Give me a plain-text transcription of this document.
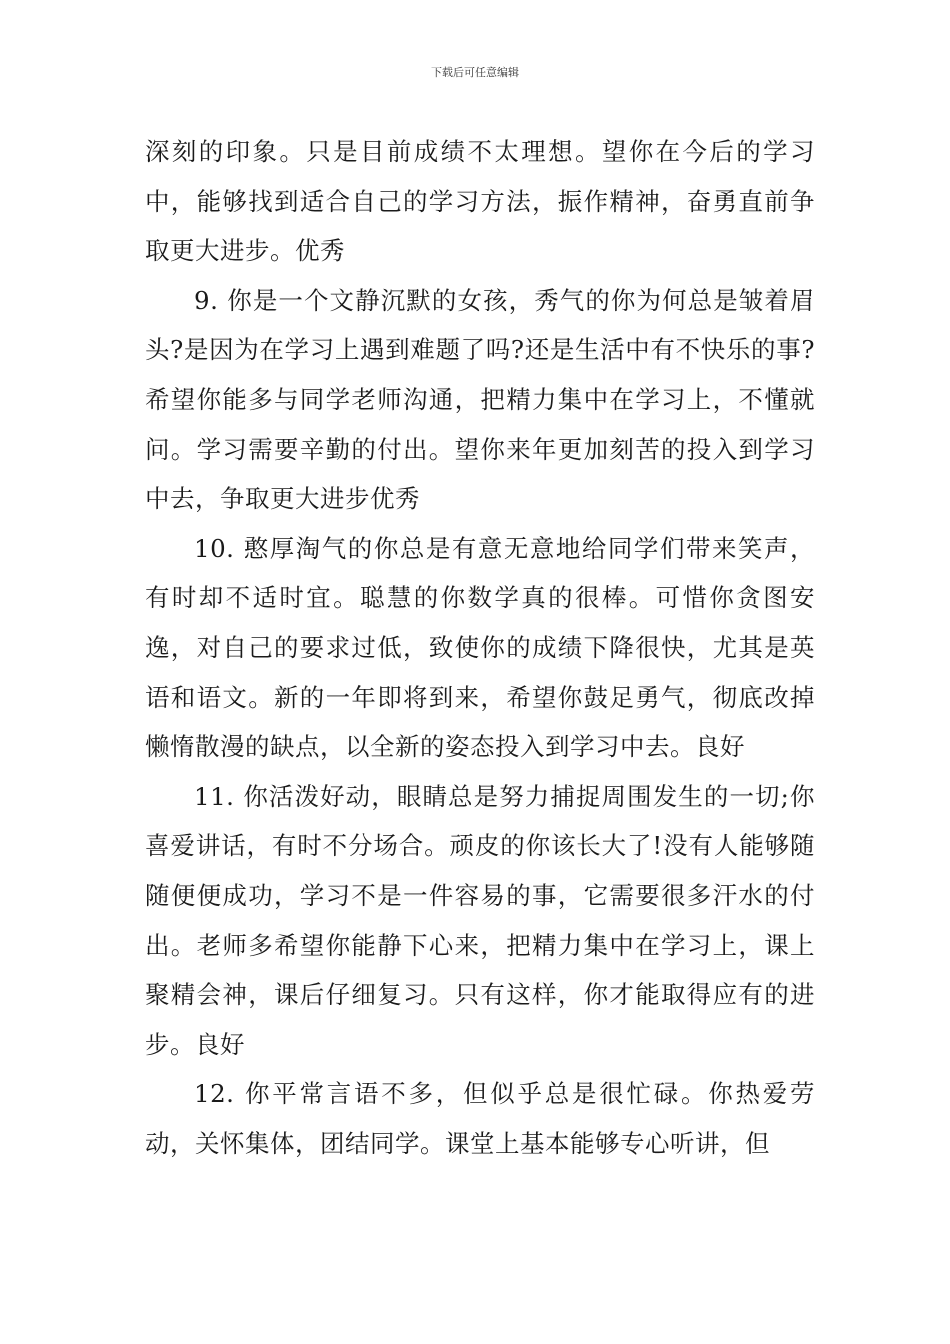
下载后可任意编辑

深刻的印象。只是目前成绩不太理想。望你在今后的学习中，能够找到适合自己的学习方法，振作精神，奋勇直前争取更大进步。优秀

9. 你是一个文静沉默的女孩，秀气的你为何总是皱着眉头?是因为在学习上遇到难题了吗?还是生活中有不快乐的事?希望你能多与同学老师沟通，把精力集中在学习上，不懂就问。学习需要辛勤的付出。望你来年更加刻苦的投入到学习中去，争取更大进步优秀

10. 憨厚淘气的你总是有意无意地给同学们带来笑声，有时却不适时宜。聪慧的你数学真的很棒。可惜你贪图安逸，对自己的要求过低，致使你的成绩下降很快，尤其是英语和语文。新的一年即将到来，希望你鼓足勇气，彻底改掉懒惰散漫的缺点，以全新的姿态投入到学习中去。良好

11. 你活泼好动，眼睛总是努力捕捉周围发生的一切;你喜爱讲话，有时不分场合。顽皮的你该长大了!没有人能够随随便便成功，学习不是一件容易的事，它需要很多汗水的付出。老师多希望你能静下心来，把精力集中在学习上，课上聚精会神，课后仔细复习。只有这样，你才能取得应有的进步。良好

12. 你平常言语不多，但似乎总是很忙碌。你热爱劳动，关怀集体，团结同学。课堂上基本能够专心听讲，但
